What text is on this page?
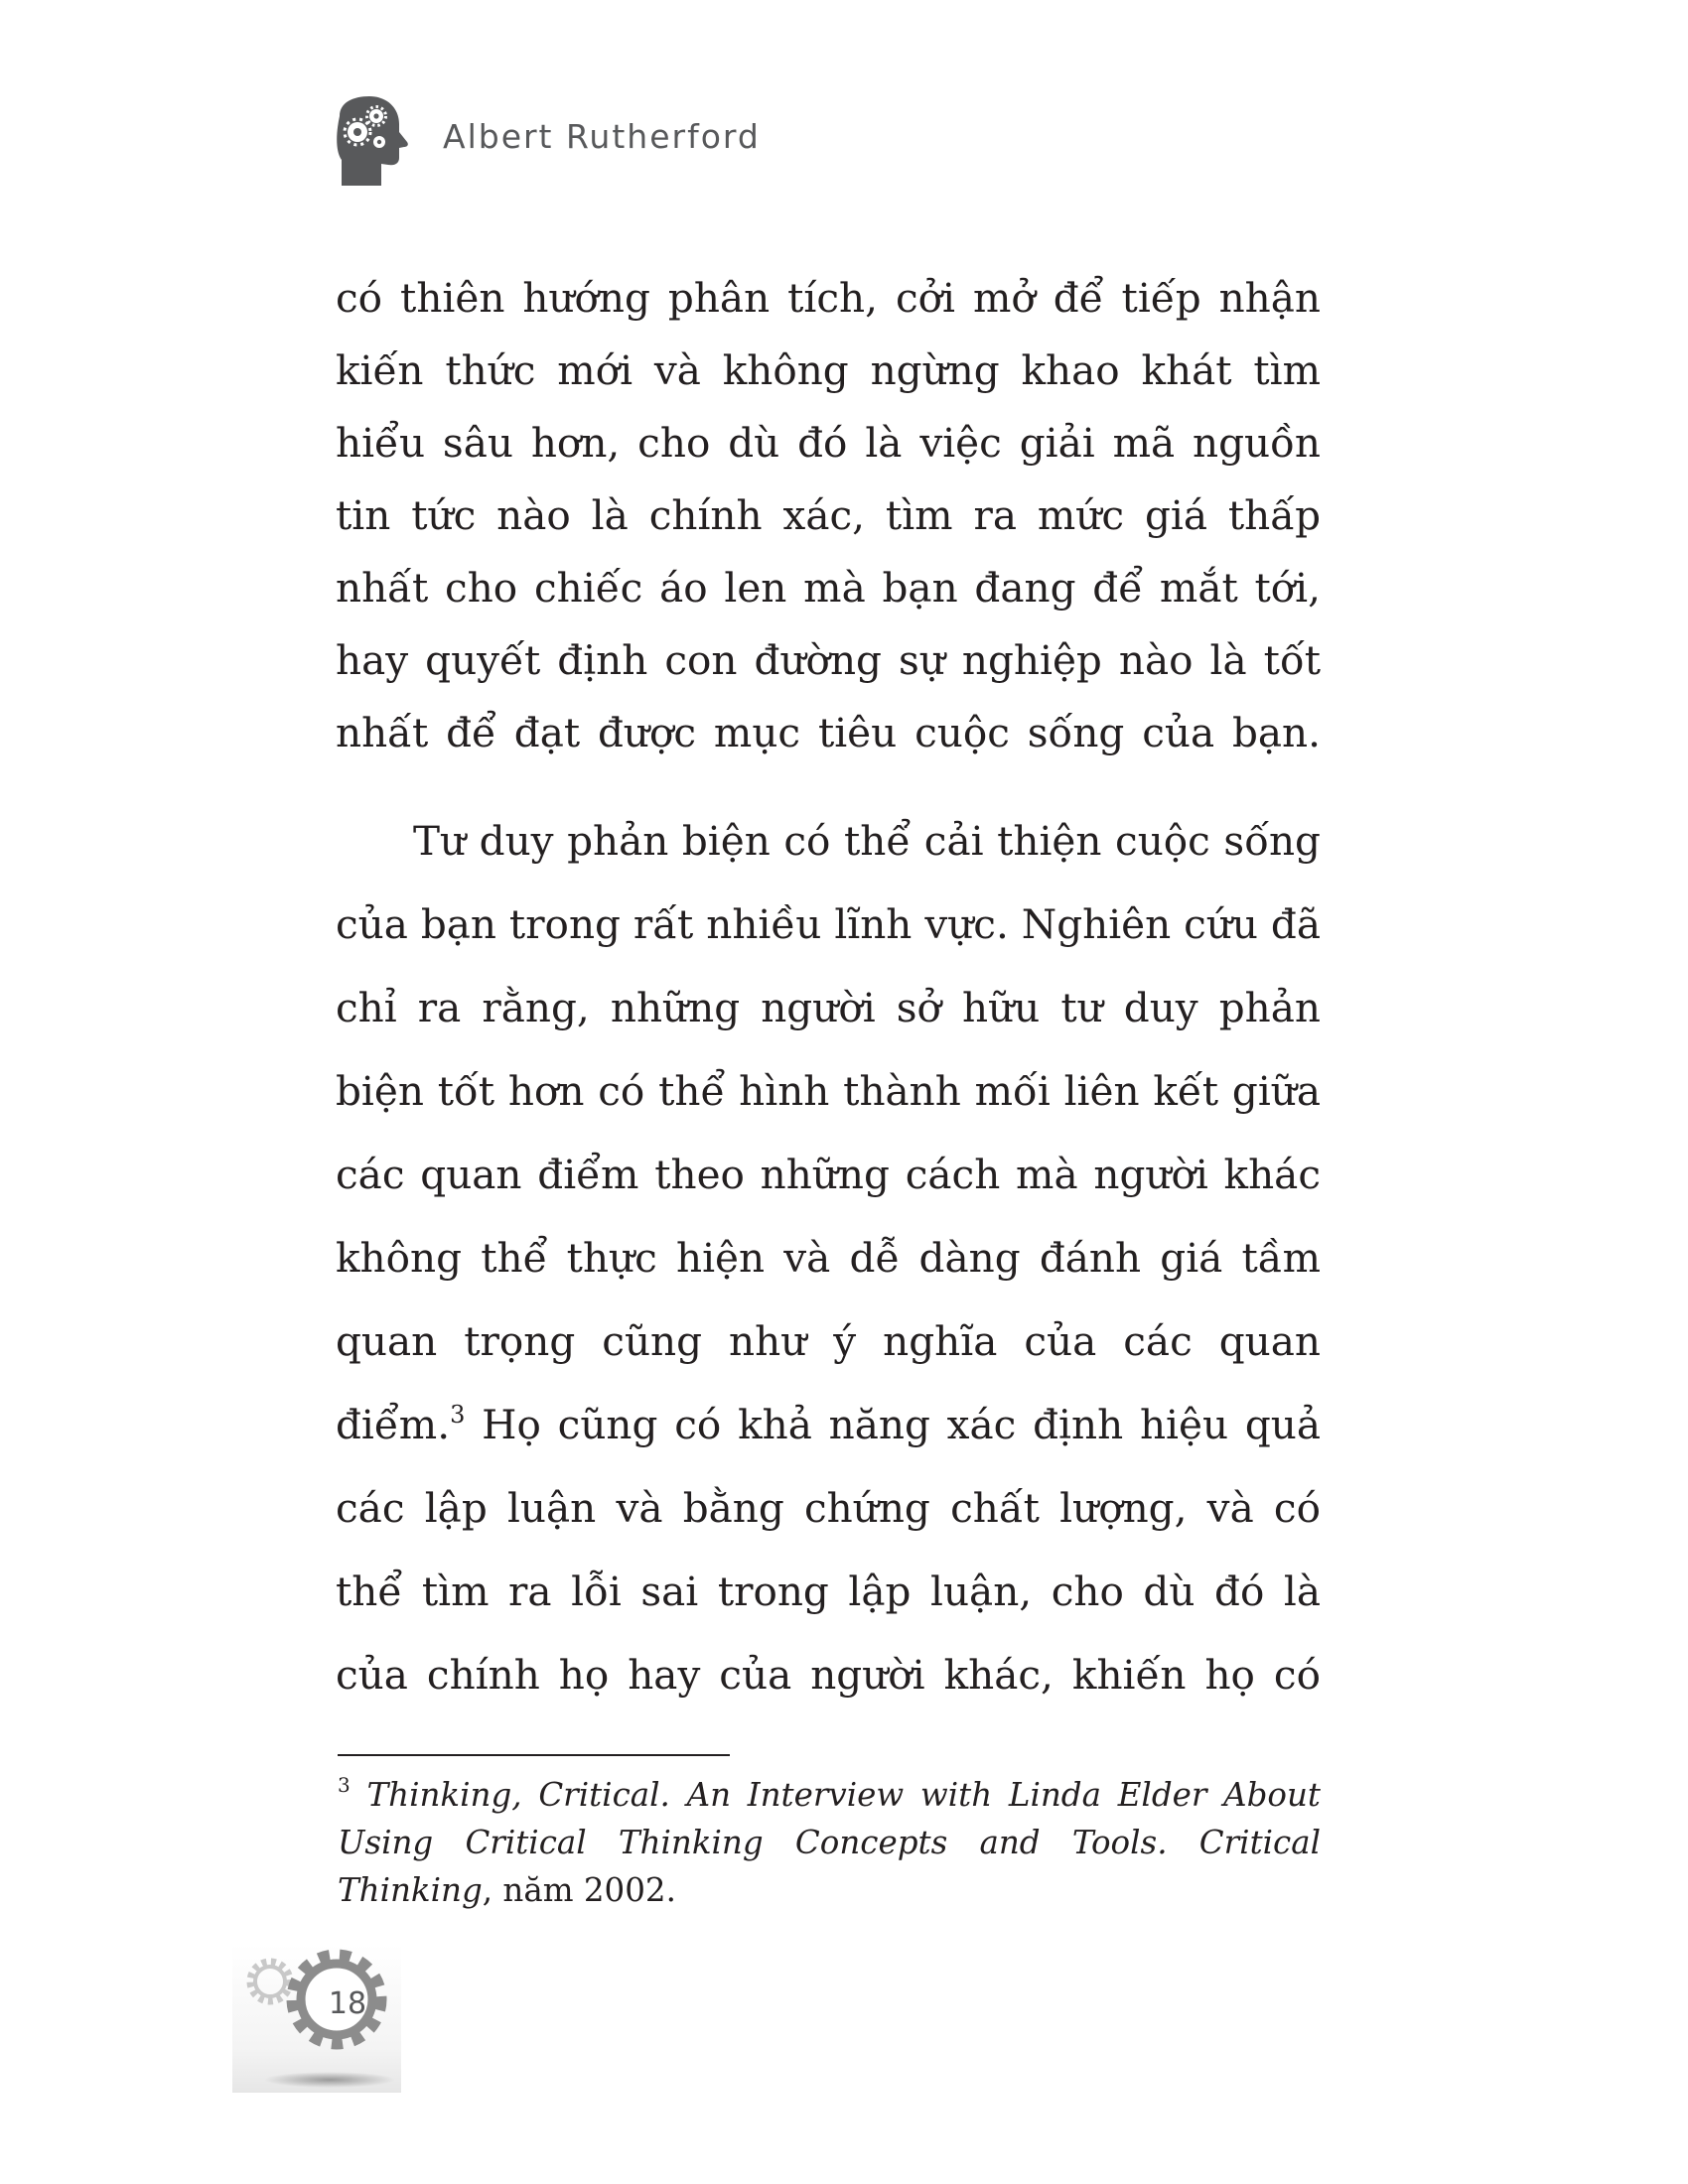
Albert Rutherford

có thiên hướng phân tích, cởi mở để tiếp nhận kiến thức mới và không ngừng khao khát tìm hiểu sâu hơn, cho dù đó là việc giải mã nguồn tin tức nào là chính xác, tìm ra mức giá thấp nhất cho chiếc áo len mà bạn đang để mắt tới, hay quyết định con đường sự nghiệp nào là tốt nhất để đạt được mục tiêu cuộc sống của bạn.

Tư duy phản biện có thể cải thiện cuộc sống của bạn trong rất nhiều lĩnh vực. Nghiên cứu đã chỉ ra rằng, những người sở hữu tư duy phản biện tốt hơn có thể hình thành mối liên kết giữa các quan điểm theo những cách mà người khác không thể thực hiện và dễ dàng đánh giá tầm quan trọng cũng như ý nghĩa của các quan điểm.$^3$ Họ cũng có khả năng xác định hiệu quả các lập luận và bằng chứng chất lượng, và có thể tìm ra lỗi sai trong lập luận, cho dù đó là của chính họ hay của người khác, khiến họ có

$^3$ Thinking, Critical. An Interview with Linda Elder About Using Critical Thinking Concepts and Tools. Critical Thinking, năm 2002.

18
